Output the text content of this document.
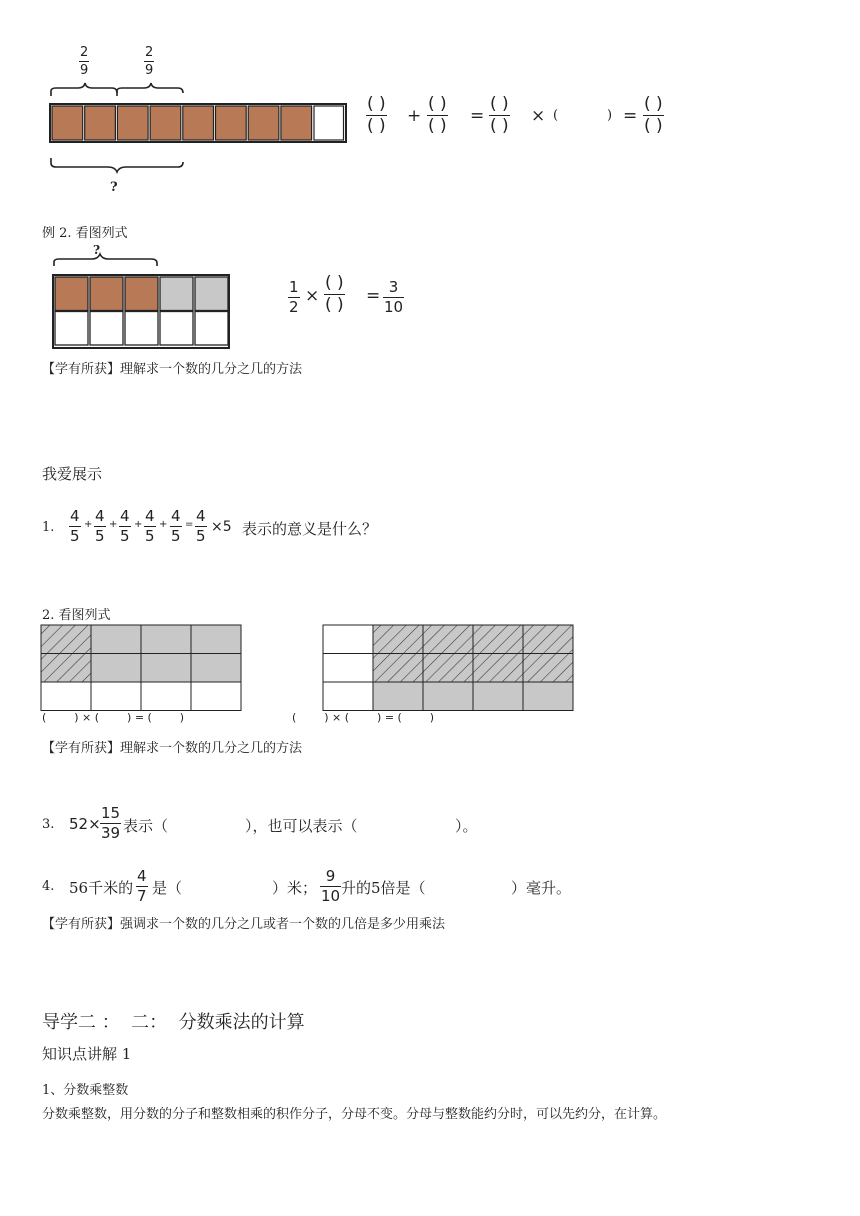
$\frac{2}{9}$	$\frac{2}{9}$
?
( )
( ) +
( )
( ) =
( )
( ) × (	) =
( )
( )
例 2. 看图列式
?
$\frac{1}{2}$ ×
( )
( ) = $\frac{3}{10}$
【学有所获】理解求一个数的几分之几的方法
我爱展示
1. $\frac{4}{5} + \frac{4}{5} + \frac{4}{5} + \frac{4}{5} + \frac{4}{5} = \frac{4}{5} \times 5$ 表示的意义是什么？
2. 看图列式
(        ) × (        ) = (        )	(        ) × (        ) = (        )
【学有所获】理解求一个数的几分之几的方法
3. $52\times \frac{15}{39}$ 表示（	），也可以表示（	）。
4. 56千米的 $\frac{4}{7}$ 是（	）米； $\frac{9}{10}$ 升的5倍是（	）毫升。
【学有所获】强调求一个数的几分之几或者一个数的几倍是多少用乘法
导学二 ：  二：  分数乘法的计算
知识点讲解 1
1、分数乘整数
分数乘整数，用分数的分子和整数相乘的积作分子，分母不变。分母与整数能约分时，可以先约分，在计算。
